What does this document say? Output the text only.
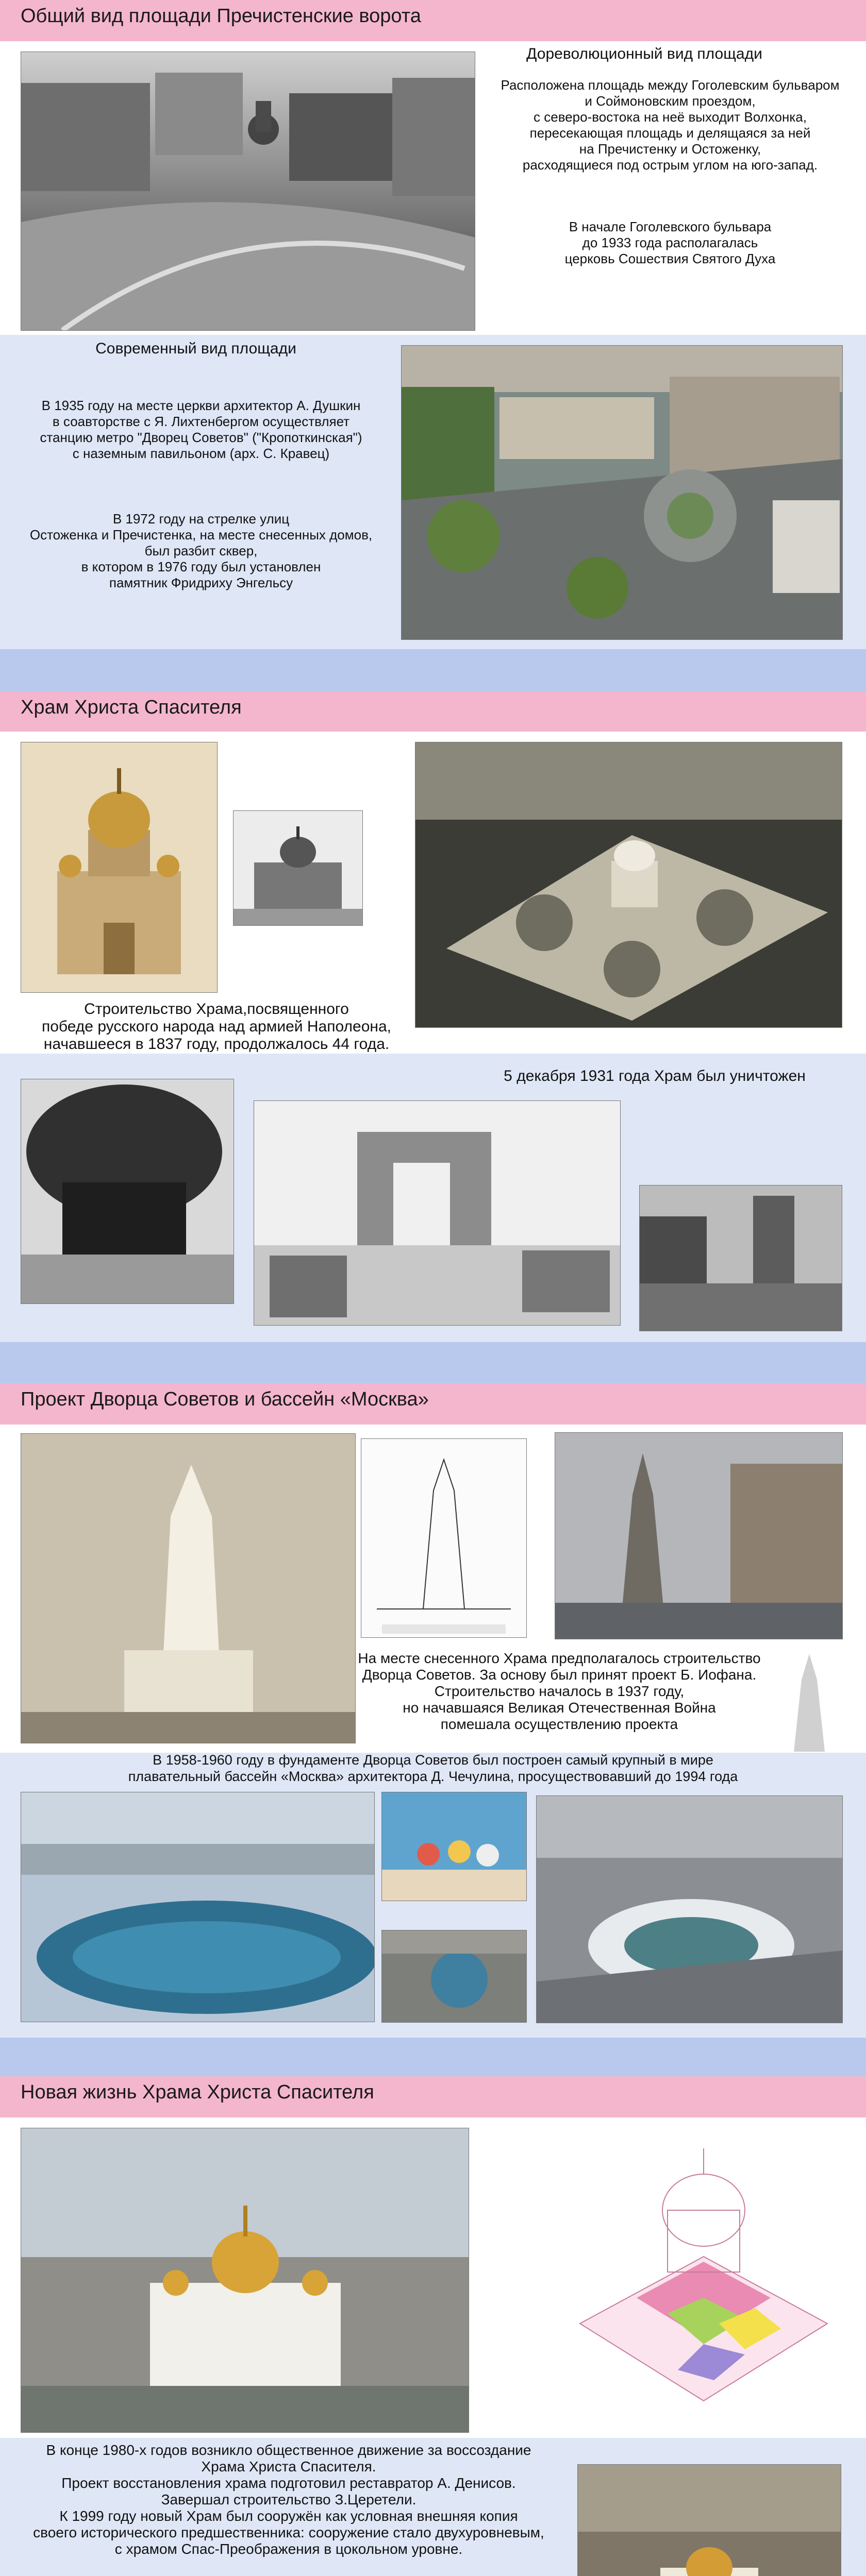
Общий вид площади Пречистенские ворота
Дореволюционный вид площади
Расположена площадь между Гоголевским бульваром
и Соймоновским проездом,
с северо-востока на неё выходит Волхонка,
пересекающая площадь и делящаяся за ней
на Пречистенку и Остоженку,
расходящиеся под острым углом на юго-запад.
В начале Гоголевского бульвара
до 1933 года располагалась
церковь Сошествия Святого Духа
Современный вид площади
В 1935 году на месте церкви архитектор А. Душкин
в соавторстве с Я. Лихтенбергом осуществляет
станцию метро "Дворец Советов" ("Кропоткинская")
с наземным павильоном (арх. С. Кравец)
В 1972 году на стрелке улиц
Остоженка и Пречистенка, на месте снесенных домов,
был разбит сквер,
в котором в 1976 году был установлен
памятник Фридриху Энгельсу
Храм Христа Спасителя
Строительство Храма,посвященного
победе русского народа над армией Наполеона,
начавшееся в 1837 году, продолжалось 44 года.
5 декабря 1931 года Храм был уничтожен
Проект Дворца Советов и бассейн «Москва»
На месте снесенного Храма предполагалось строительство
Дворца Советов. За основу был принят проект Б. Иофана.
Строительство началось в 1937 году,
но начавшаяся Великая Отечественная Война
помешала осуществлению проекта
В 1958-1960 году в фундаменте Дворца Советов был построен самый крупный в мире
плавательный бассейн «Москва» архитектора Д. Чечулина, просуществовавший до 1994 года
Новая жизнь Храма Христа Спасителя
В конце 1980-х годов возникло общественное движение за воссоздание
Храма Христа Спасителя.
Проект восстановления храма подготовил реставратор А. Денисов.
Завершал строительство З.Церетели.
К 1999 году новый Храм был сооружён как условная внешняя копия
своего исторического предшественника: сооружение стало двухуровневым,
с храмом Спас-Преображения в цокольном уровне.
